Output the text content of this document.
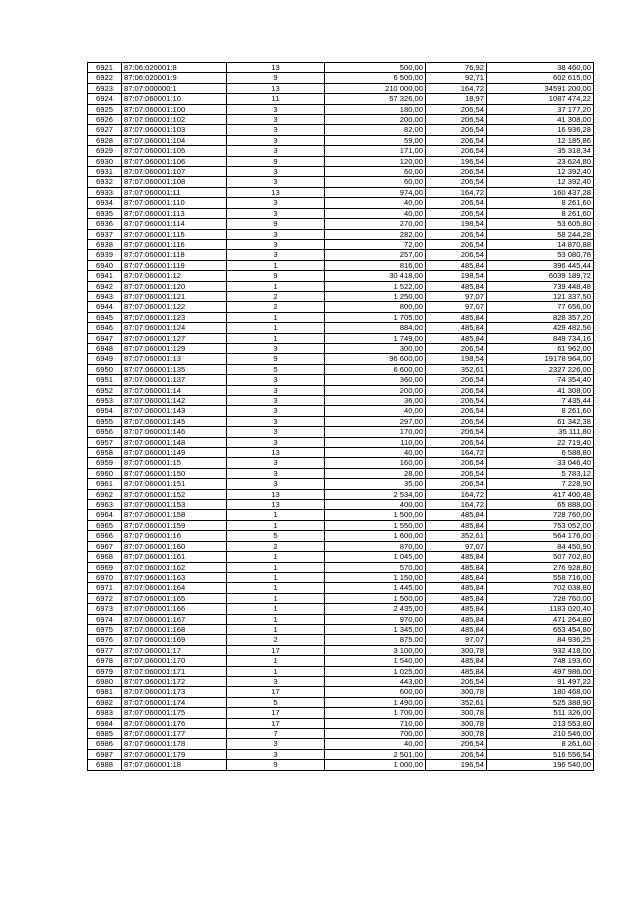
6921	87:06:020001:8	13	500,00	76,92	38 460,00
6922	87:06:020001:9	9	6 500,00	92,71	602 615,00
6923	87:07:000000:1	13	210 000,00	164,72	34591 200,00
6924	87:07:060001:10	11	57 326,00	18,97	1087 474,22
6925	87:07:060001:100	3	180,00	206,54	37 177,20
6926	87:07:060001:102	3	200,00	206,54	41 308,00
6927	87:07:060001:103	3	82,00	206,54	16 936,28
6928	87:07:060001:104	3	59,00	206,54	12 185,86
6929	87:07:060001:105	3	171,00	206,54	35 318,34
6930	87:07:060001:106	9	120,00	196,54	23 624,80
6931	87:07:060001:107	3	60,00	206,54	12 392,40
6932	87:07:060001:108	3	60,00	206,54	12 392,40
6933	87:07:060001:11	13	974,00	164,72	160 437,28
6934	87:07:060001:110	3	40,00	206,54	8 261,60
6935	87:07:060001:113	3	40,00	206,54	8 261,60
6936	87:07:060001:114	9	270,00	198,54	53 605,80
6937	87:07:060001:115	3	282,00	206,54	58 244,28
6938	87:07:060001:116	3	72,00	206,54	14 870,88
6939	87:07:060001:118	3	257,00	206,54	53 080,78
6940	87:07:060001:119	1	816,00	485,84	396 445,44
6941	87:07:060001:12	9	30 418,00	198,54	6039 189,72
6942	87:07:060001:120	1	1 522,00	485,84	739 448,48
6943	87:07:060001:121	2	1 250,00	97,07	121 337,50
6944	87:07:060001:122	2	800,00	97,07	77 656,00
6945	87:07:060001:123	1	1 705,00	485,84	828 357,20
6946	87:07:060001:124	1	884,00	485,84	429 482,56
6947	87:07:060001:127	1	1 749,00	485,84	849 734,16
6948	87:07:060001:129	3	300,00	206,54	61 962,00
6949	87:07:060001:13	9	96 600,00	198,54	19178 964,00
6950	87:07:060001:135	5	6 600,00	352,61	2327 226,00
6951	87:07:060001:137	3	360,00	206,54	74 354,40
6952	87:07:060001:14	3	200,00	206,54	41 308,00
6953	87:07:060001:142	3	36,00	206,54	7 435,44
6954	87:07:060001:143	3	40,00	206,54	8 261,60
6955	87:07:060001:145	3	297,00	206,54	61 342,38
6956	87:07:060001:146	3	170,00	206,54	35 111,80
6957	87:07:060001:148	3	110,00	206,54	22 719,40
6958	87:07:060001:149	13	40,00	164,72	6 588,80
6959	87:07:060001:15	3	160,00	206,54	33 046,40
6960	87:07:060001:150	3	28,00	206,54	5 783,12
6961	87:07:060001:151	3	35,00	206,54	7 228,90
6962	87:07:060001:152	13	2 534,00	164,72	417 400,48
6963	87:07:060001:153	13	400,00	164,72	65 888,00
6964	87:07:060001:158	1	1 500,00	485,84	728 760,00
6965	87:07:060001:159	1	1 550,00	485,84	753 052,00
6966	87:07:060001:16	5	1 600,00	352,61	564 176,00
6967	87:07:060001:160	2	870,00	97,07	84 450,90
6968	87:07:060001:161	1	1 045,00	485,84	507 702,80
6969	87:07:060001:162	1	570,00	485,84	276 928,80
6970	87:07:060001:163	1	1 150,00	485,84	558 716,00
6971	87:07:060001:164	1	1 445,00	485,84	702 038,80
6972	87:07:060001:165	1	1 500,00	485,84	728 760,00
6973	87:07:060001:166	1	2 435,00	485,84	1183 020,40
6974	87:07:060001:167	1	970,00	485,84	471 264,80
6975	87:07:060001:168	1	1 345,00	485,84	653 454,80
6976	87:07:060001:169	2	875,00	97,07	84 936,25
6977	87:07:060001:17	17	3 100,00	300,78	932 418,00
6978	87:07:060001:170	1	1 540,00	485,84	748 193,60
6979	87:07:060001:171	1	1 025,00	485,84	497 986,00
6980	87:07:060001:172	3	443,00	206,54	91 497,22
6981	87:07:060001:173	17	600,00	300,78	180 468,00
6982	87:07:060001:174	5	1 490,00	352,61	525 388,90
6983	87:07:060001:175	17	1 700,00	300,78	511 326,00
6984	87:07:060001:176	17	710,00	300,78	213 553,80
6985	87:07:060001:177	7	700,00	300,78	210 546,00
6986	87:07:060001:178	3	40,00	206,54	8 261,60
6987	87:07:060001:179	3	2 501,00	206,54	516 556,54
6988	87:07:060001:18	9	1 000,00	196,54	196 540,00
